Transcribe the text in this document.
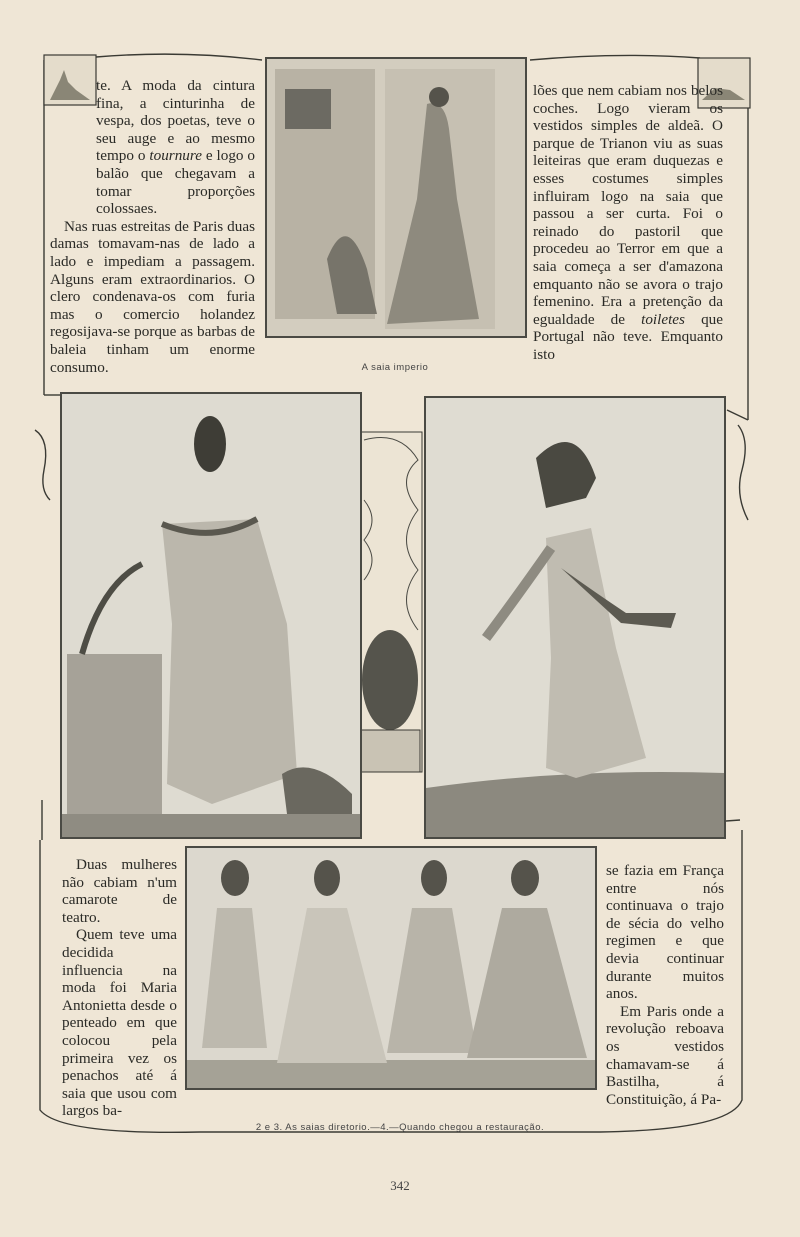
A saia imperio

te. A moda da cintura fina, a cinturinha de vespa, dos poetas, teve o seu auge e ao mesmo tempo o tournure e logo o balão que chegavam a tomar proporções colossaes.

Nas ruas estreitas de Paris duas damas tomavam-nas de lado a lado e impediam a passagem. Alguns eram extraordinarios. O clero condenava-os com furia mas o comercio holandez regosijava-se porque as barbas de baleia tinham um enorme consumo.

lões que nem cabiam nos belos coches. Logo vieram os vestidos simples de aldeã. O parque de Trianon viu as suas leiteiras que eram duquezas e esses costumes simples influiram logo na saia que passou a ser curta. Foi o reinado do pastoril que procedeu ao Terror em que a saia começa a ser d'amazona emquanto não se avora o trajo femenino. Era a pretenção da egualdade de toiletes que Portugal não teve. Emquanto isto

2 e 3. As saias diretorio.—4.—Quando chegou a restauração.

Duas mulheres não cabiam n'um camarote de teatro.

Quem teve uma decidida influencia na moda foi Maria Antonietta desde o penteado em que colocou pela primeira vez os penachos até á saia que usou com largos ba-

se fazia em França entre nós continuava o trajo de sécia do velho regimen e que devia continuar durante muitos anos.

Em Paris onde a revolução reboava os vestidos chamavam-se á Bastilha, á Constituição, á Pa-

342
